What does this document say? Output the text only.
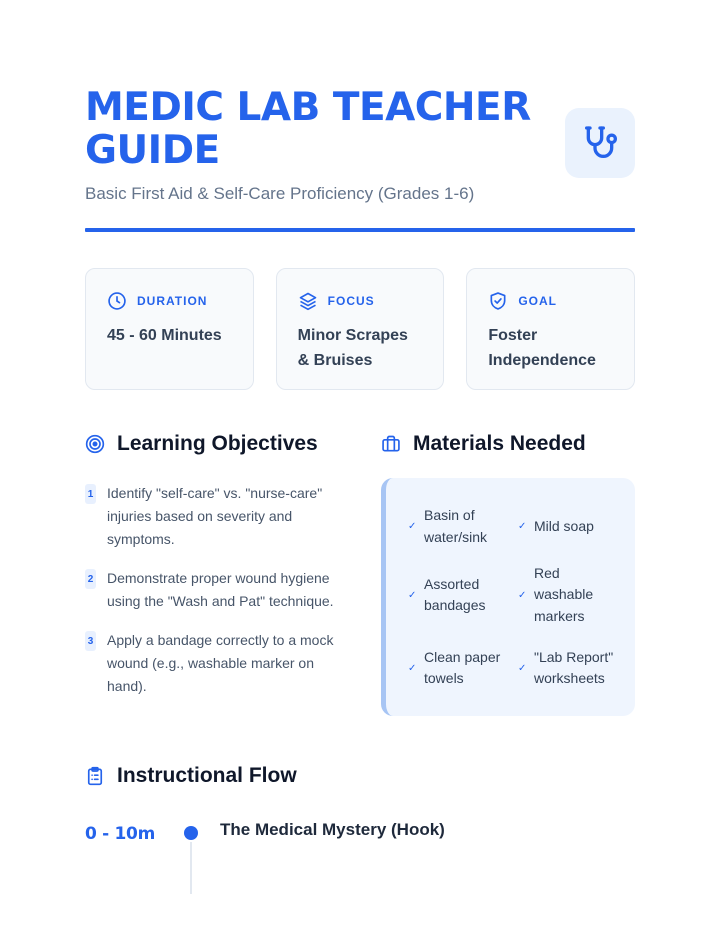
MEDIC LAB TEACHER GUIDE

Basic First Aid & Self-Care Proficiency (Grades 1-6)

DURATION
45 - 60 Minutes
FOCUS
Minor Scrapes & Bruises
GOAL
Foster Independence
Learning Objectives
1 Identify "self-care" vs. "nurse-care" injuries based on severity and symptoms.
2 Demonstrate proper wound hygiene using the "Wash and Pat" technique.
3 Apply a bandage correctly to a mock wound (e.g., washable marker on hand).
Materials Needed
✓
Basin of water/sink
✓ Mild soap
✓
Assorted bandages
✓
Red washable markers
✓
Clean paper towels
✓
"Lab Report" worksheets
Instructional Flow
0 - 10m	The Medical Mystery (Hook)
